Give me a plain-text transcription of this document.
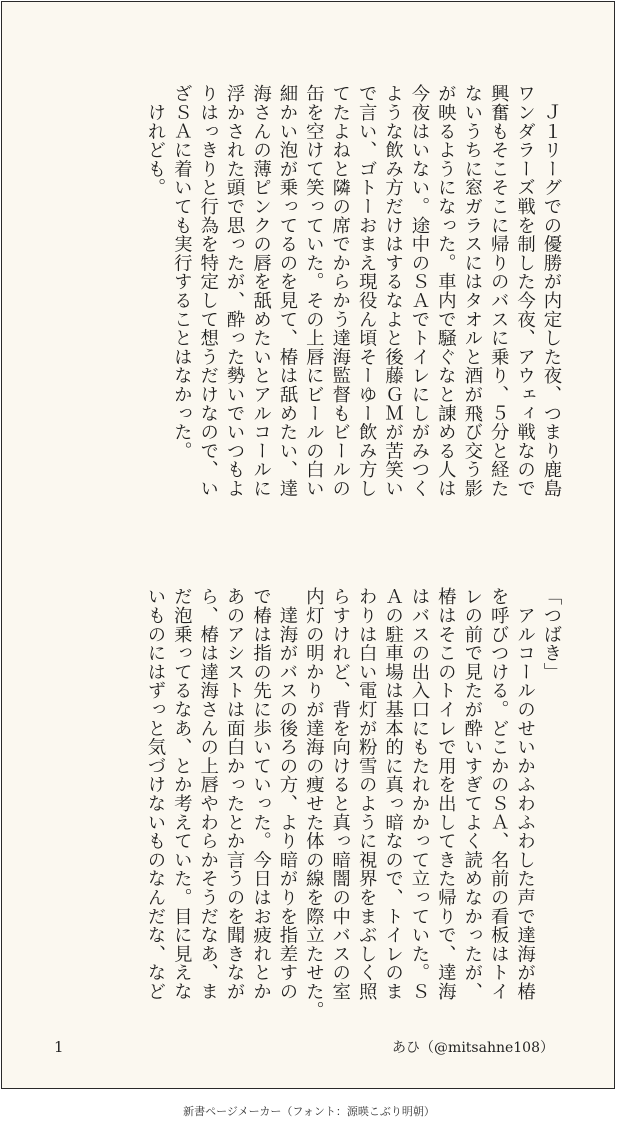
　Ｊ１リーグでの優勝が内定した夜、つまり鹿島
ワンダラーズ戦を制した今夜、アウェィ戦なので
興奮もそこそこに帰りのバスに乗り、５分と経た
ないうちに窓ガラスにはタオルと酒が飛び交う影
が映るようになった。車内で騒ぐなと諌める人は
今夜はいない。途中のＳＡでトイレにしがみつく
ような飲み方だけはするなよと後藤ＧＭが苦笑い
で言い、ゴトーおまえ現役ん頃そーゆー飲み方し
てたよねと隣の席でからかう達海監督もビールの
缶を空けて笑っていた。その上唇にビールの白い
細かい泡が乗ってるのを見て、椿は舐めたい、達
海さんの薄ピンクの唇を舐めたいとアルコールに
浮かされた頭で思ったが、酔った勢いでいつもよ
りはっきりと行為を特定して想うだけなので、い
ざＳＡに着いても実行することはなかった。
　けれども。

「つばき」
　アルコールのせいかふわふわした声で達海が椿
を呼びつける。どこかのＳＡ、名前の看板はトイ
レの前で見たが酔いすぎてよく読めなかったが、
椿はそこのトイレで用を出してきた帰りで、達海
はバスの出入口にもたれかかって立っていた。Ｓ
Ａの駐車場は基本的に真っ暗なので、トイレのま
わりは白い電灯が粉雪のように視界をまぶしく照
らすけれど、背を向けると真っ暗闇の中バスの室
内灯の明かりが達海の痩せた体の線を際立たせた。
　達海がバスの後ろの方、より暗がりを指差すの
で椿は指の先に歩いていった。今日はお疲れとか
あのアシストは面白かったとか言うのを聞きなが
ら、椿は達海さんの上唇やわらかそうだなあ、ま
だ泡乗ってるなあ、とか考えていた。目に見えな
いものにはずっと気づけないものなんだな、など

1	あひ（@mitsahne108）
新書ページメーカー（フォント：源暎こぶり明朝）
